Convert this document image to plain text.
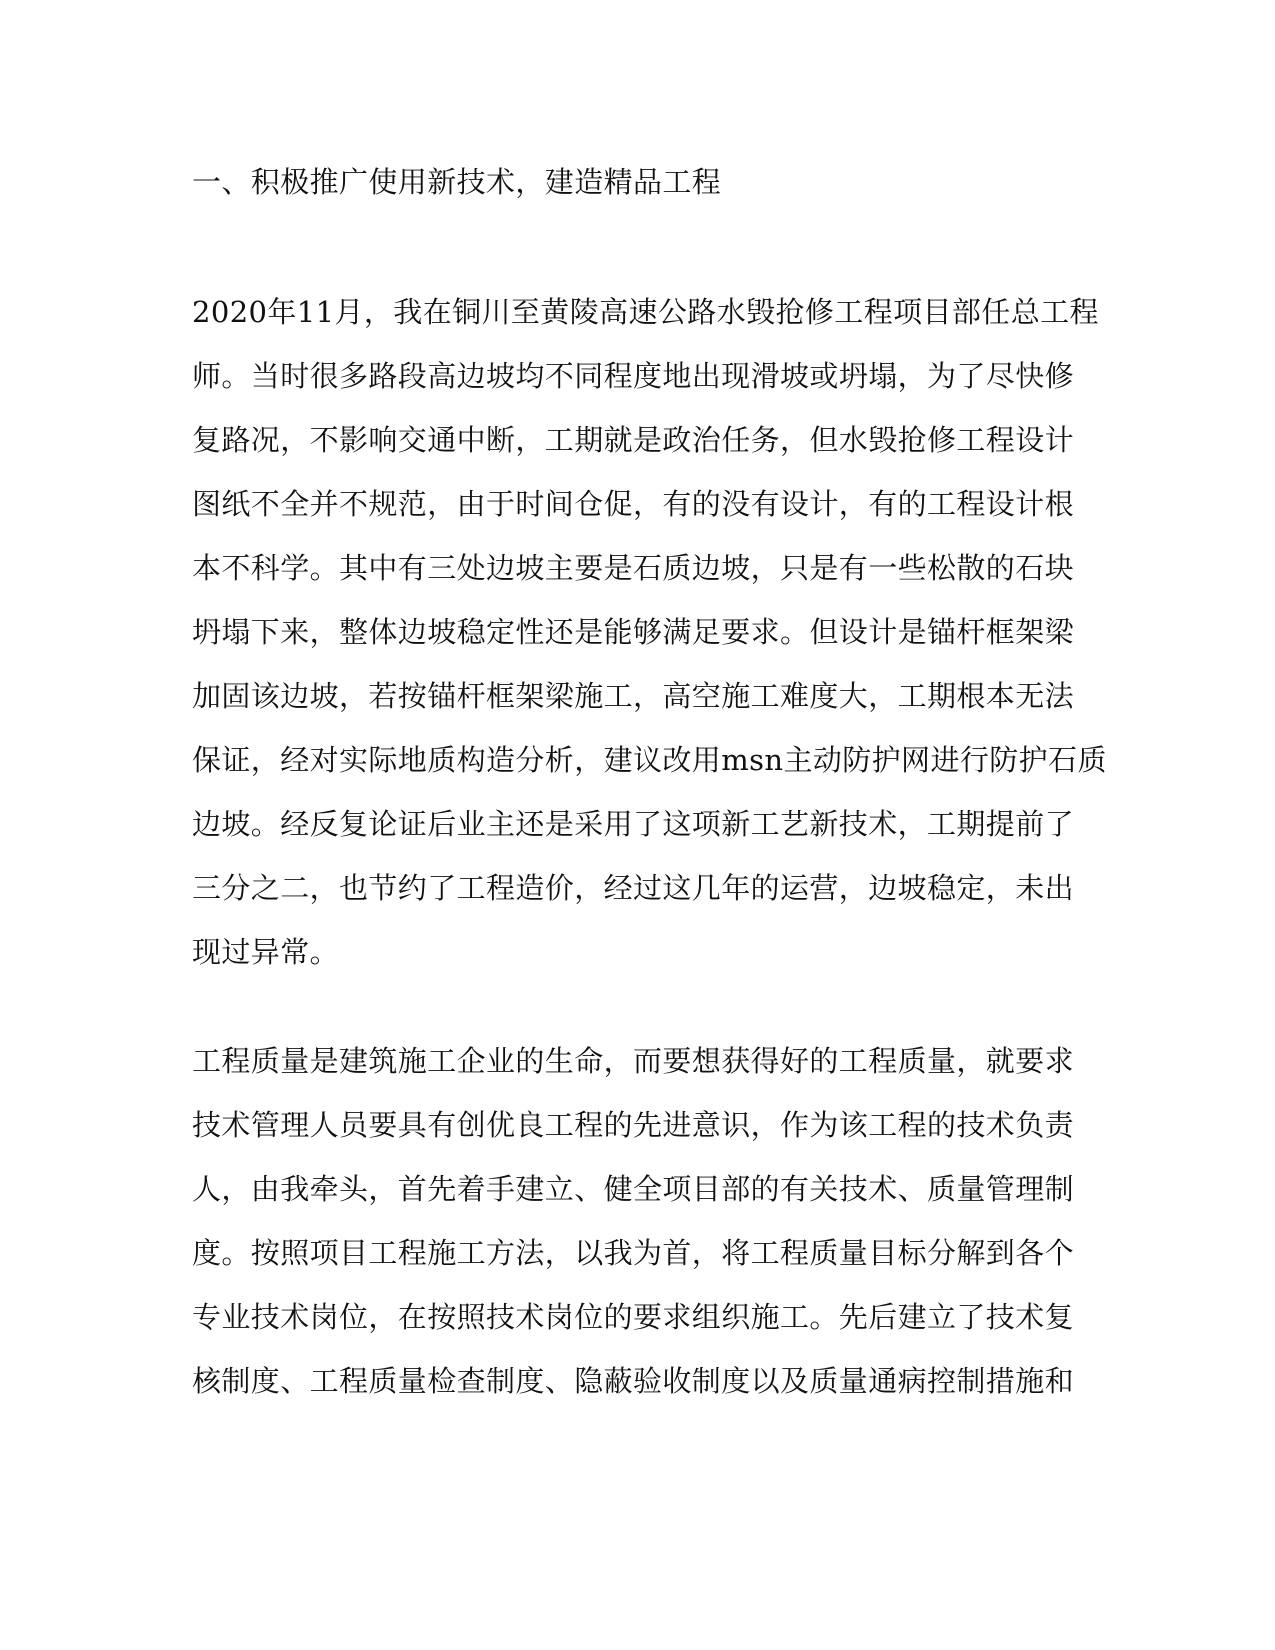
一、积极推广使用新技术，建造精品工程
2020年11月，我在铜川至黄陵高速公路水毁抢修工程项目部任总工程
师。当时很多路段高边坡均不同程度地出现滑坡或坍塌，为了尽快修
复路况，不影响交通中断，工期就是政治任务，但水毁抢修工程设计
图纸不全并不规范，由于时间仓促，有的没有设计，有的工程设计根
本不科学。其中有三处边坡主要是石质边坡，只是有一些松散的石块
坍塌下来，整体边坡稳定性还是能够满足要求。但设计是锚杆框架梁
加固该边坡，若按锚杆框架梁施工，高空施工难度大，工期根本无法
保证，经对实际地质构造分析，建议改用msn主动防护网进行防护石质
边坡。经反复论证后业主还是采用了这项新工艺新技术，工期提前了
三分之二，也节约了工程造价，经过这几年的运营，边坡稳定，未出
现过异常。
工程质量是建筑施工企业的生命，而要想获得好的工程质量，就要求
技术管理人员要具有创优良工程的先进意识，作为该工程的技术负责
人，由我牵头，首先着手建立、健全项目部的有关技术、质量管理制
度。按照项目工程施工方法，以我为首，将工程质量目标分解到各个
专业技术岗位，在按照技术岗位的要求组织施工。先后建立了技术复
核制度、工程质量检查制度、隐蔽验收制度以及质量通病控制措施和
